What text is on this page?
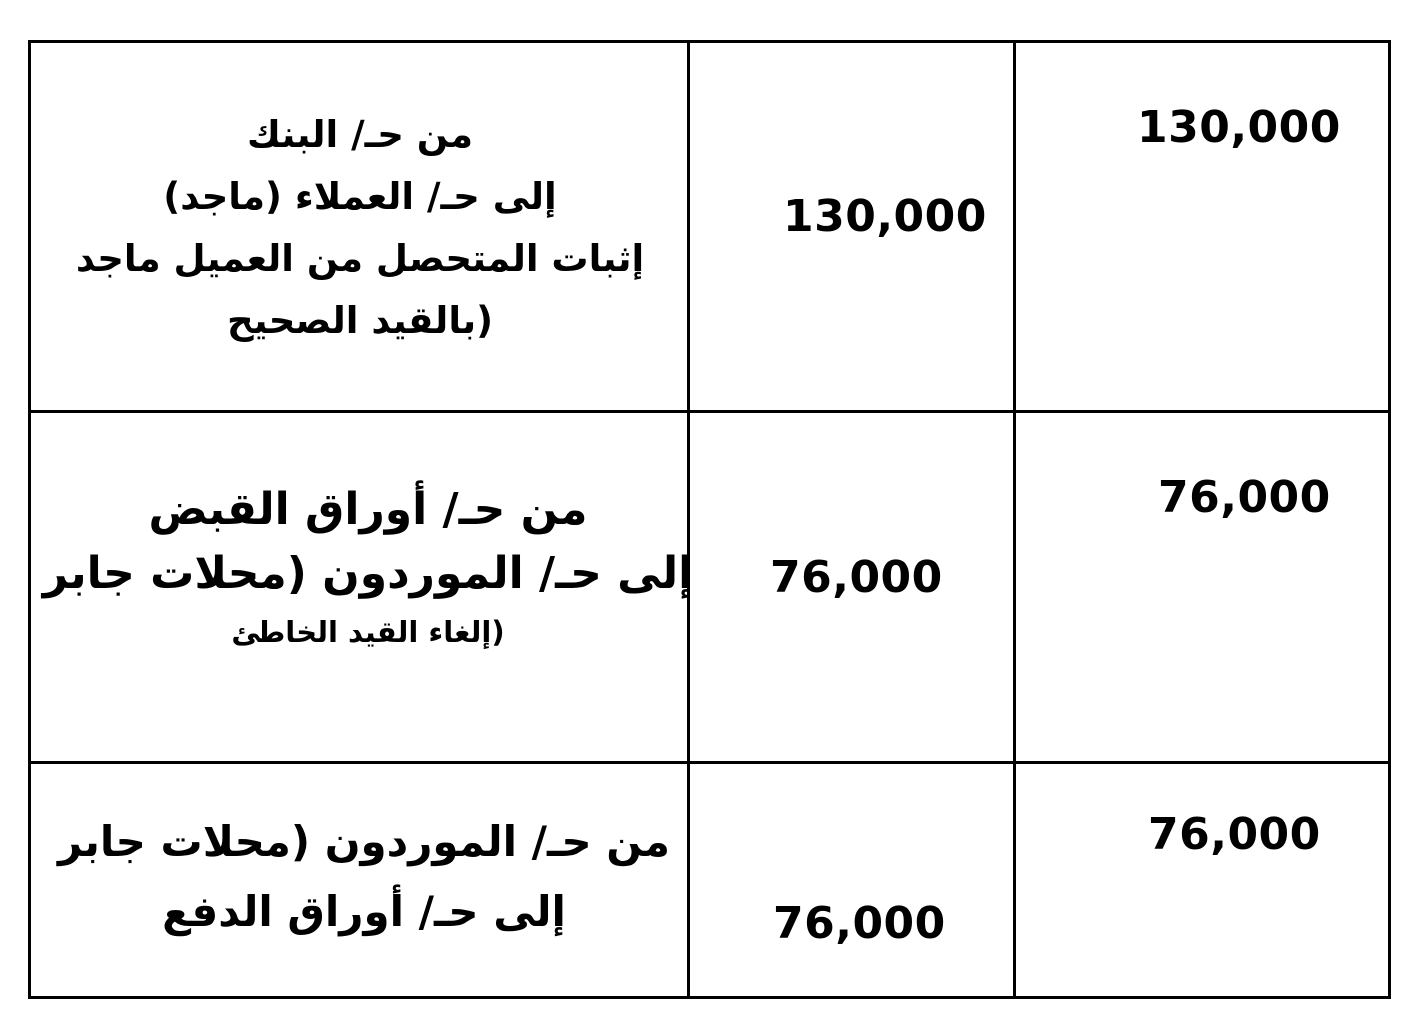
130,000
130,000
من حـ/ البنك
إلى حـ/ العملاء (ماجد)
إثبات المتحصل من العميل ماجد
(بالقيد الصحيح
76,000
76,000
من حـ/ أوراق القبض
إلى حـ/ الموردون (محلات جابر
(إلغاء القيد الخاطئ
76,000
76,000
من حـ/ الموردون (محلات جابر
إلى حـ/ أوراق الدفع
